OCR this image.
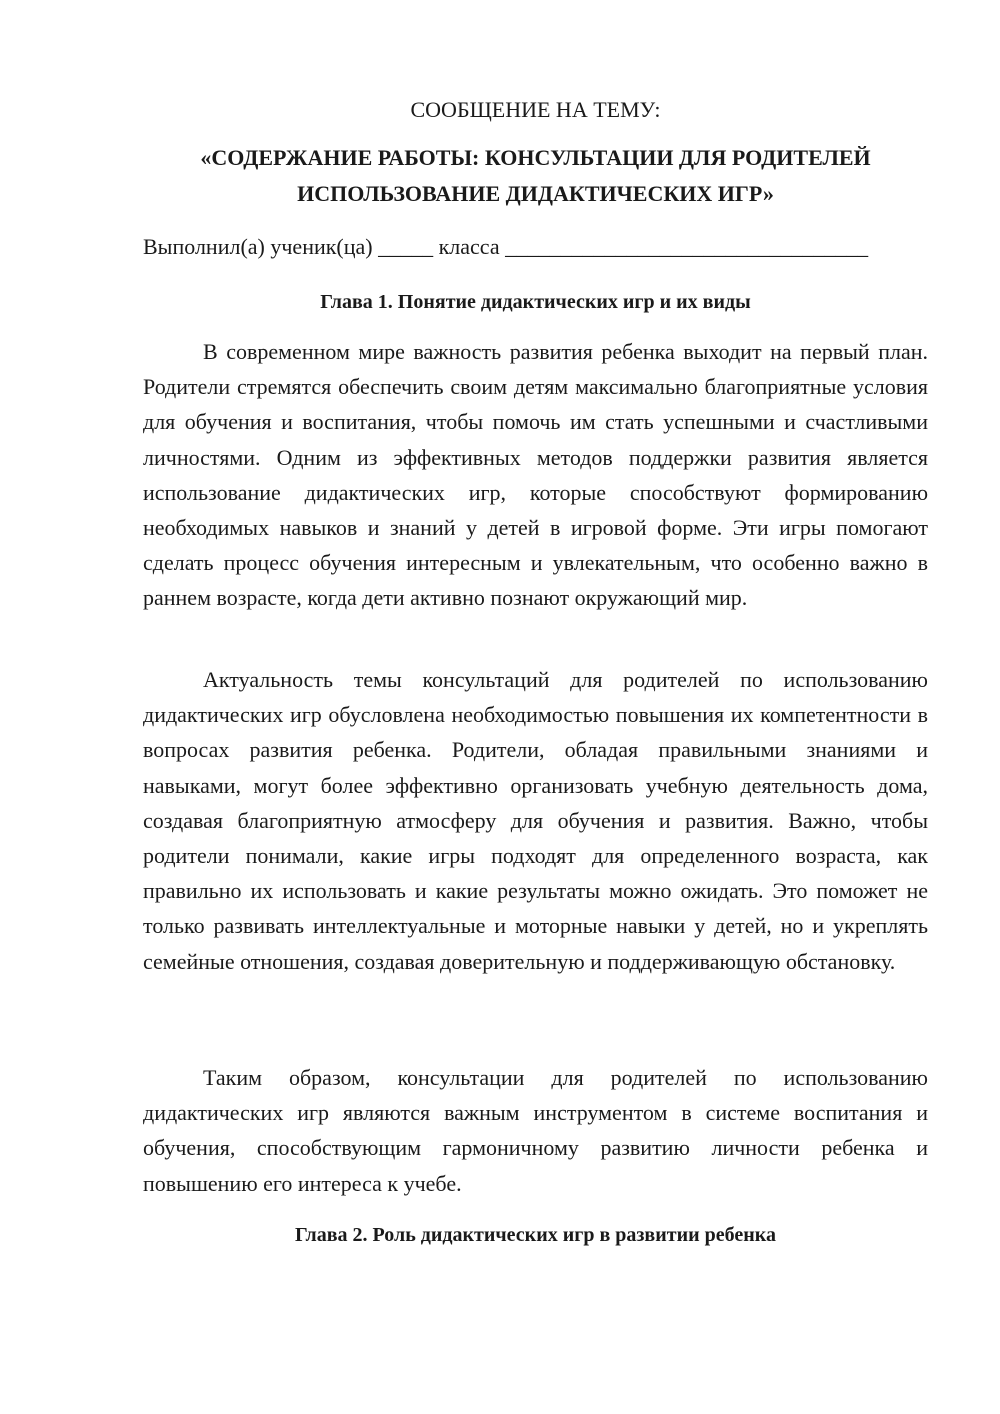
СООБЩЕНИЕ НА ТЕМУ:
«СОДЕРЖАНИЕ РАБОТЫ: КОНСУЛЬТАЦИИ ДЛЯ РОДИТЕЛЕЙ
ИСПОЛЬЗОВАНИЕ ДИДАКТИЧЕСКИХ ИГР»
Выполнил(а) ученик(ца) _____ класса _________________________________
Глава 1. Понятие дидактических игр и их виды

В современном мире важность развития ребенка выходит на первый план. Родители стремятся обеспечить своим детям максимально благоприятные условия для обучения и воспитания, чтобы помочь им стать успешными и счастливыми личностями. Одним из эффективных методов поддержки развития является использование дидактических игр, которые способствуют формированию необходимых навыков и знаний у детей в игровой форме. Эти игры помогают сделать процесс обучения интересным и увлекательным, что особенно важно в раннем возрасте, когда дети активно познают окружающий мир.

Актуальность темы консультаций для родителей по использованию дидактических игр обусловлена необходимостью повышения их компетентности в вопросах развития ребенка. Родители, обладая правильными знаниями и навыками, могут более эффективно организовать учебную деятельность дома, создавая благоприятную атмосферу для обучения и развития. Важно, чтобы родители понимали, какие игры подходят для определенного возраста, как правильно их использовать и какие результаты можно ожидать. Это поможет не только развивать интеллектуальные и моторные навыки у детей, но и укреплять семейные отношения, создавая доверительную и поддерживающую обстановку.

Таким образом, консультации для родителей по использованию дидактических игр являются важным инструментом в системе воспитания и обучения, способствующим гармоничному развитию личности ребенка и повышению его интереса к учебе.

Глава 2. Роль дидактических игр в развитии ребенка
